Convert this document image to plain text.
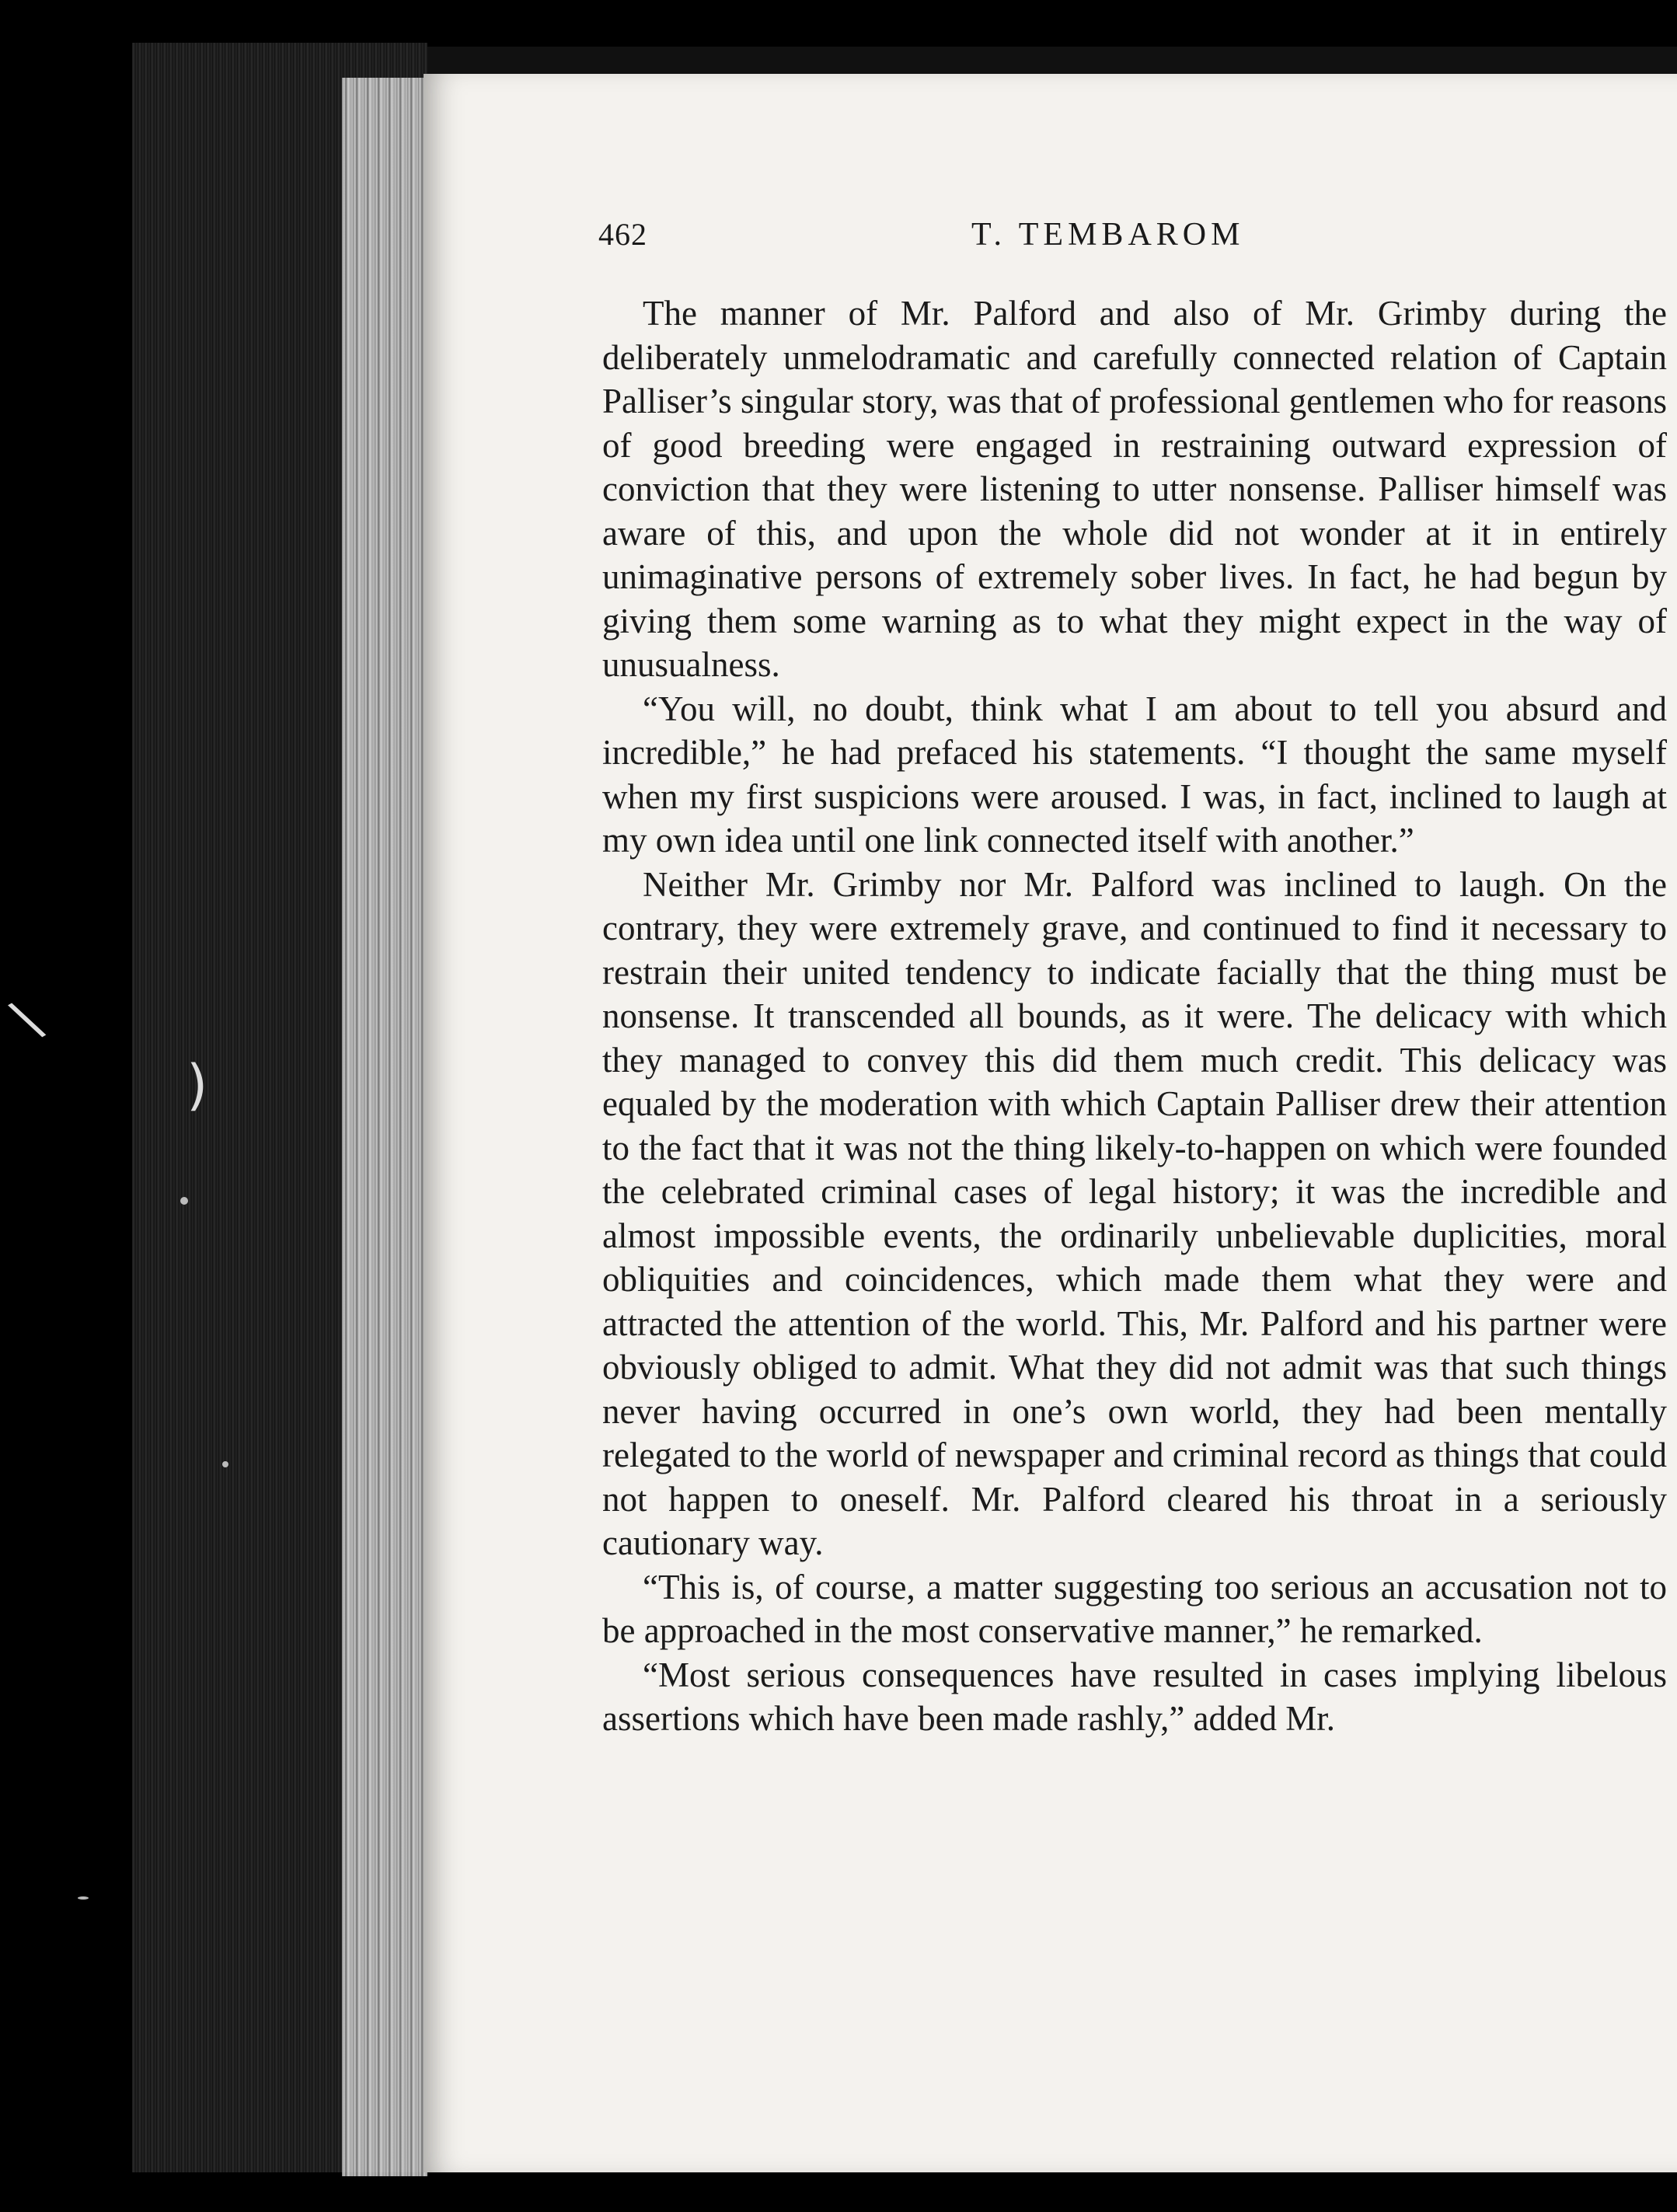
\
)
462	T. TEMBAROM

The manner of Mr. Palford and also of Mr. Grimby during the deliberately unmelodramatic and carefully connected relation of Captain Palliser’s singular story, was that of professional gentlemen who for reasons of good breeding were engaged in restraining outward expression of conviction that they were listening to utter nonsense. Palliser himself was aware of this, and upon the whole did not wonder at it in entirely unimaginative persons of extremely sober lives. In fact, he had begun by giving them some warning as to what they might expect in the way of unusualness.

“You will, no doubt, think what I am about to tell you absurd and incredible,” he had prefaced his statements. “I thought the same myself when my first suspicions were aroused. I was, in fact, inclined to laugh at my own idea until one link connected itself with another.”

Neither Mr. Grimby nor Mr. Palford was inclined to laugh. On the contrary, they were extremely grave, and continued to find it necessary to restrain their united tendency to indicate facially that the thing must be nonsense. It transcended all bounds, as it were. The delicacy with which they managed to convey this did them much credit. This delicacy was equaled by the moderation with which Captain Palliser drew their attention to the fact that it was not the thing likely-to-happen on which were founded the celebrated criminal cases of legal history; it was the incredible and almost impossible events, the ordinarily unbelievable duplicities, moral obliquities and coincidences, which made them what they were and attracted the attention of the world. This, Mr. Palford and his partner were obviously obliged to admit. What they did not admit was that such things never having occurred in one’s own world, they had been mentally relegated to the world of newspaper and criminal record as things that could not happen to oneself. Mr. Palford cleared his throat in a seriously cautionary way.

“This is, of course, a matter suggesting too serious an accusation not to be approached in the most conservative manner,” he remarked.

“Most serious consequences have resulted in cases implying libelous assertions which have been made rashly,” added Mr.
